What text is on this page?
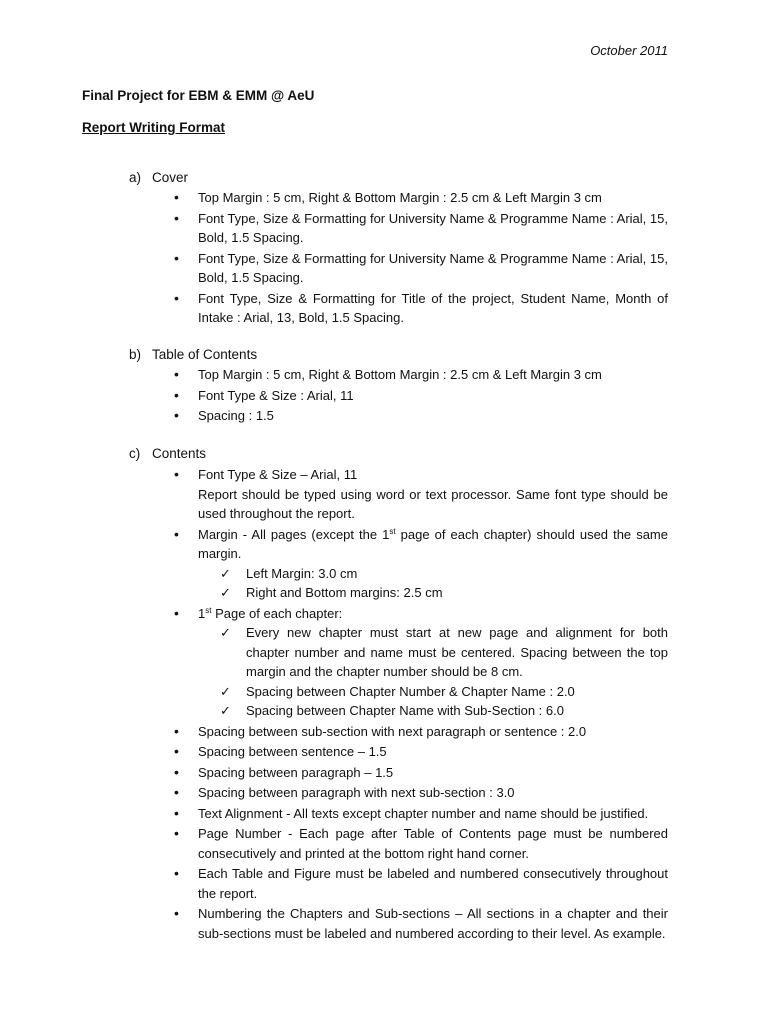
October 2011
Final Project for EBM & EMM @ AeU
Report Writing Format
a) Cover
• Top Margin : 5 cm, Right & Bottom Margin : 2.5 cm & Left Margin 3 cm
• Font Type, Size & Formatting for University Name & Programme Name : Arial, 15, Bold, 1.5 Spacing.
• Font Type, Size & Formatting for University Name & Programme Name : Arial, 15, Bold, 1.5 Spacing.
• Font Type, Size & Formatting for Title of the project, Student Name, Month of Intake : Arial, 13, Bold, 1.5 Spacing.
b) Table of Contents
• Top Margin : 5 cm, Right & Bottom Margin : 2.5 cm & Left Margin 3 cm
• Font Type & Size : Arial, 11
• Spacing : 1.5
c) Contents
• Font Type & Size – Arial, 11
Report should be typed using word or text processor. Same font type should be used throughout the report.
• Margin - All pages (except the 1st page of each chapter) should used the same margin.
✓ Left Margin: 3.0 cm
✓ Right and Bottom margins: 2.5 cm
• 1st Page of each chapter:
✓ Every new chapter must start at new page and alignment for both chapter number and name must be centered. Spacing between the top margin and the chapter number should be 8 cm.
✓ Spacing between Chapter Number & Chapter Name : 2.0
✓ Spacing between Chapter Name with Sub-Section : 6.0
• Spacing between sub-section with next paragraph or sentence : 2.0
• Spacing between sentence – 1.5
• Spacing between paragraph – 1.5
• Spacing between paragraph with next sub-section : 3.0
• Text Alignment - All texts except chapter number and name should be justified.
• Page Number - Each page after Table of Contents page must be numbered consecutively and printed at the bottom right hand corner.
• Each Table and Figure must be labeled and numbered consecutively throughout the report.
• Numbering the Chapters and Sub-sections – All sections in a chapter and their sub-sections must be labeled and numbered according to their level. As example.
